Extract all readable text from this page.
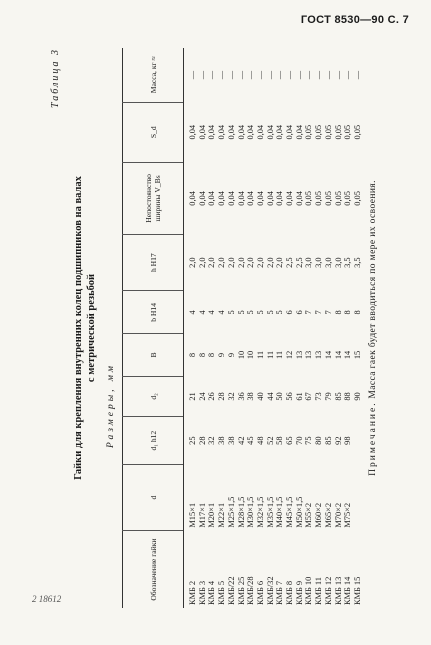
ГОСТ 8530—90 С. 7
2 18612
Таблица 3
Гайки для крепления внутренних колец подшипников на валах с метрической резьбой
Размеры, мм
Обозначение гайки	d	d₁ h12	d₂	B	b H14	h H17	Непостоянство ширины V_Bs	S_d	Масса, кг ≈
КМБ 2	М15×1	25	21	8	4	2,0	0,04	0,04	—
КМБ 3	М17×1	28	24	8	4	2,0	0,04	0,04	—
КМБ 4	М20×1	32	26	8	4	2,0	0,04	0,04	—
КМБ 5	М22×1	38	28	9	4	2,0	0,04	0,04	—
КМБ/22	М25×1,5	38	32	9	5	2,0	0,04	0,04	—
КМБ 25	М28×1,5	42	36	10	5	2,0	0,04	0,04	—
КМБ/28	М30×1,5	45	38	10	5	2,0	0,04	0,04	—
КМБ 6	М32×1,5	48	40	11	5	2,0	0,04	0,04	—
КМБ/32	М35×1,5	52	44	11	5	2,0	0,04	0,04	—
КМБ 7	М40×1,5	58	50	11	5	2,0	0,04	0,04	—
КМБ 8	М45×1,5	65	56	12	6	2,5	0,04	0,04	—
КМБ 9	М50×1,5	70	61	13	6	2,5	0,04	0,04	—
КМБ 10	М55×2	75	67	13	7	3,0	0,05	0,05	—
КМБ 11	М60×2	80	73	13	7	3,0	0,05	0,05	—
КМБ 12	М65×2	85	79	14	7	3,0	0,05	0,05	—
КМБ 13	М70×2	92	85	14	8	3,0	0,05	0,05	—
КМБ 14	М75×2	98	88	14	8	3,5	0,05	0,05	—
КМБ 15			90	15	8	3,5	0,05	0,05	—
Примечание. Масса гаек будет вводиться по мере их освоения.
